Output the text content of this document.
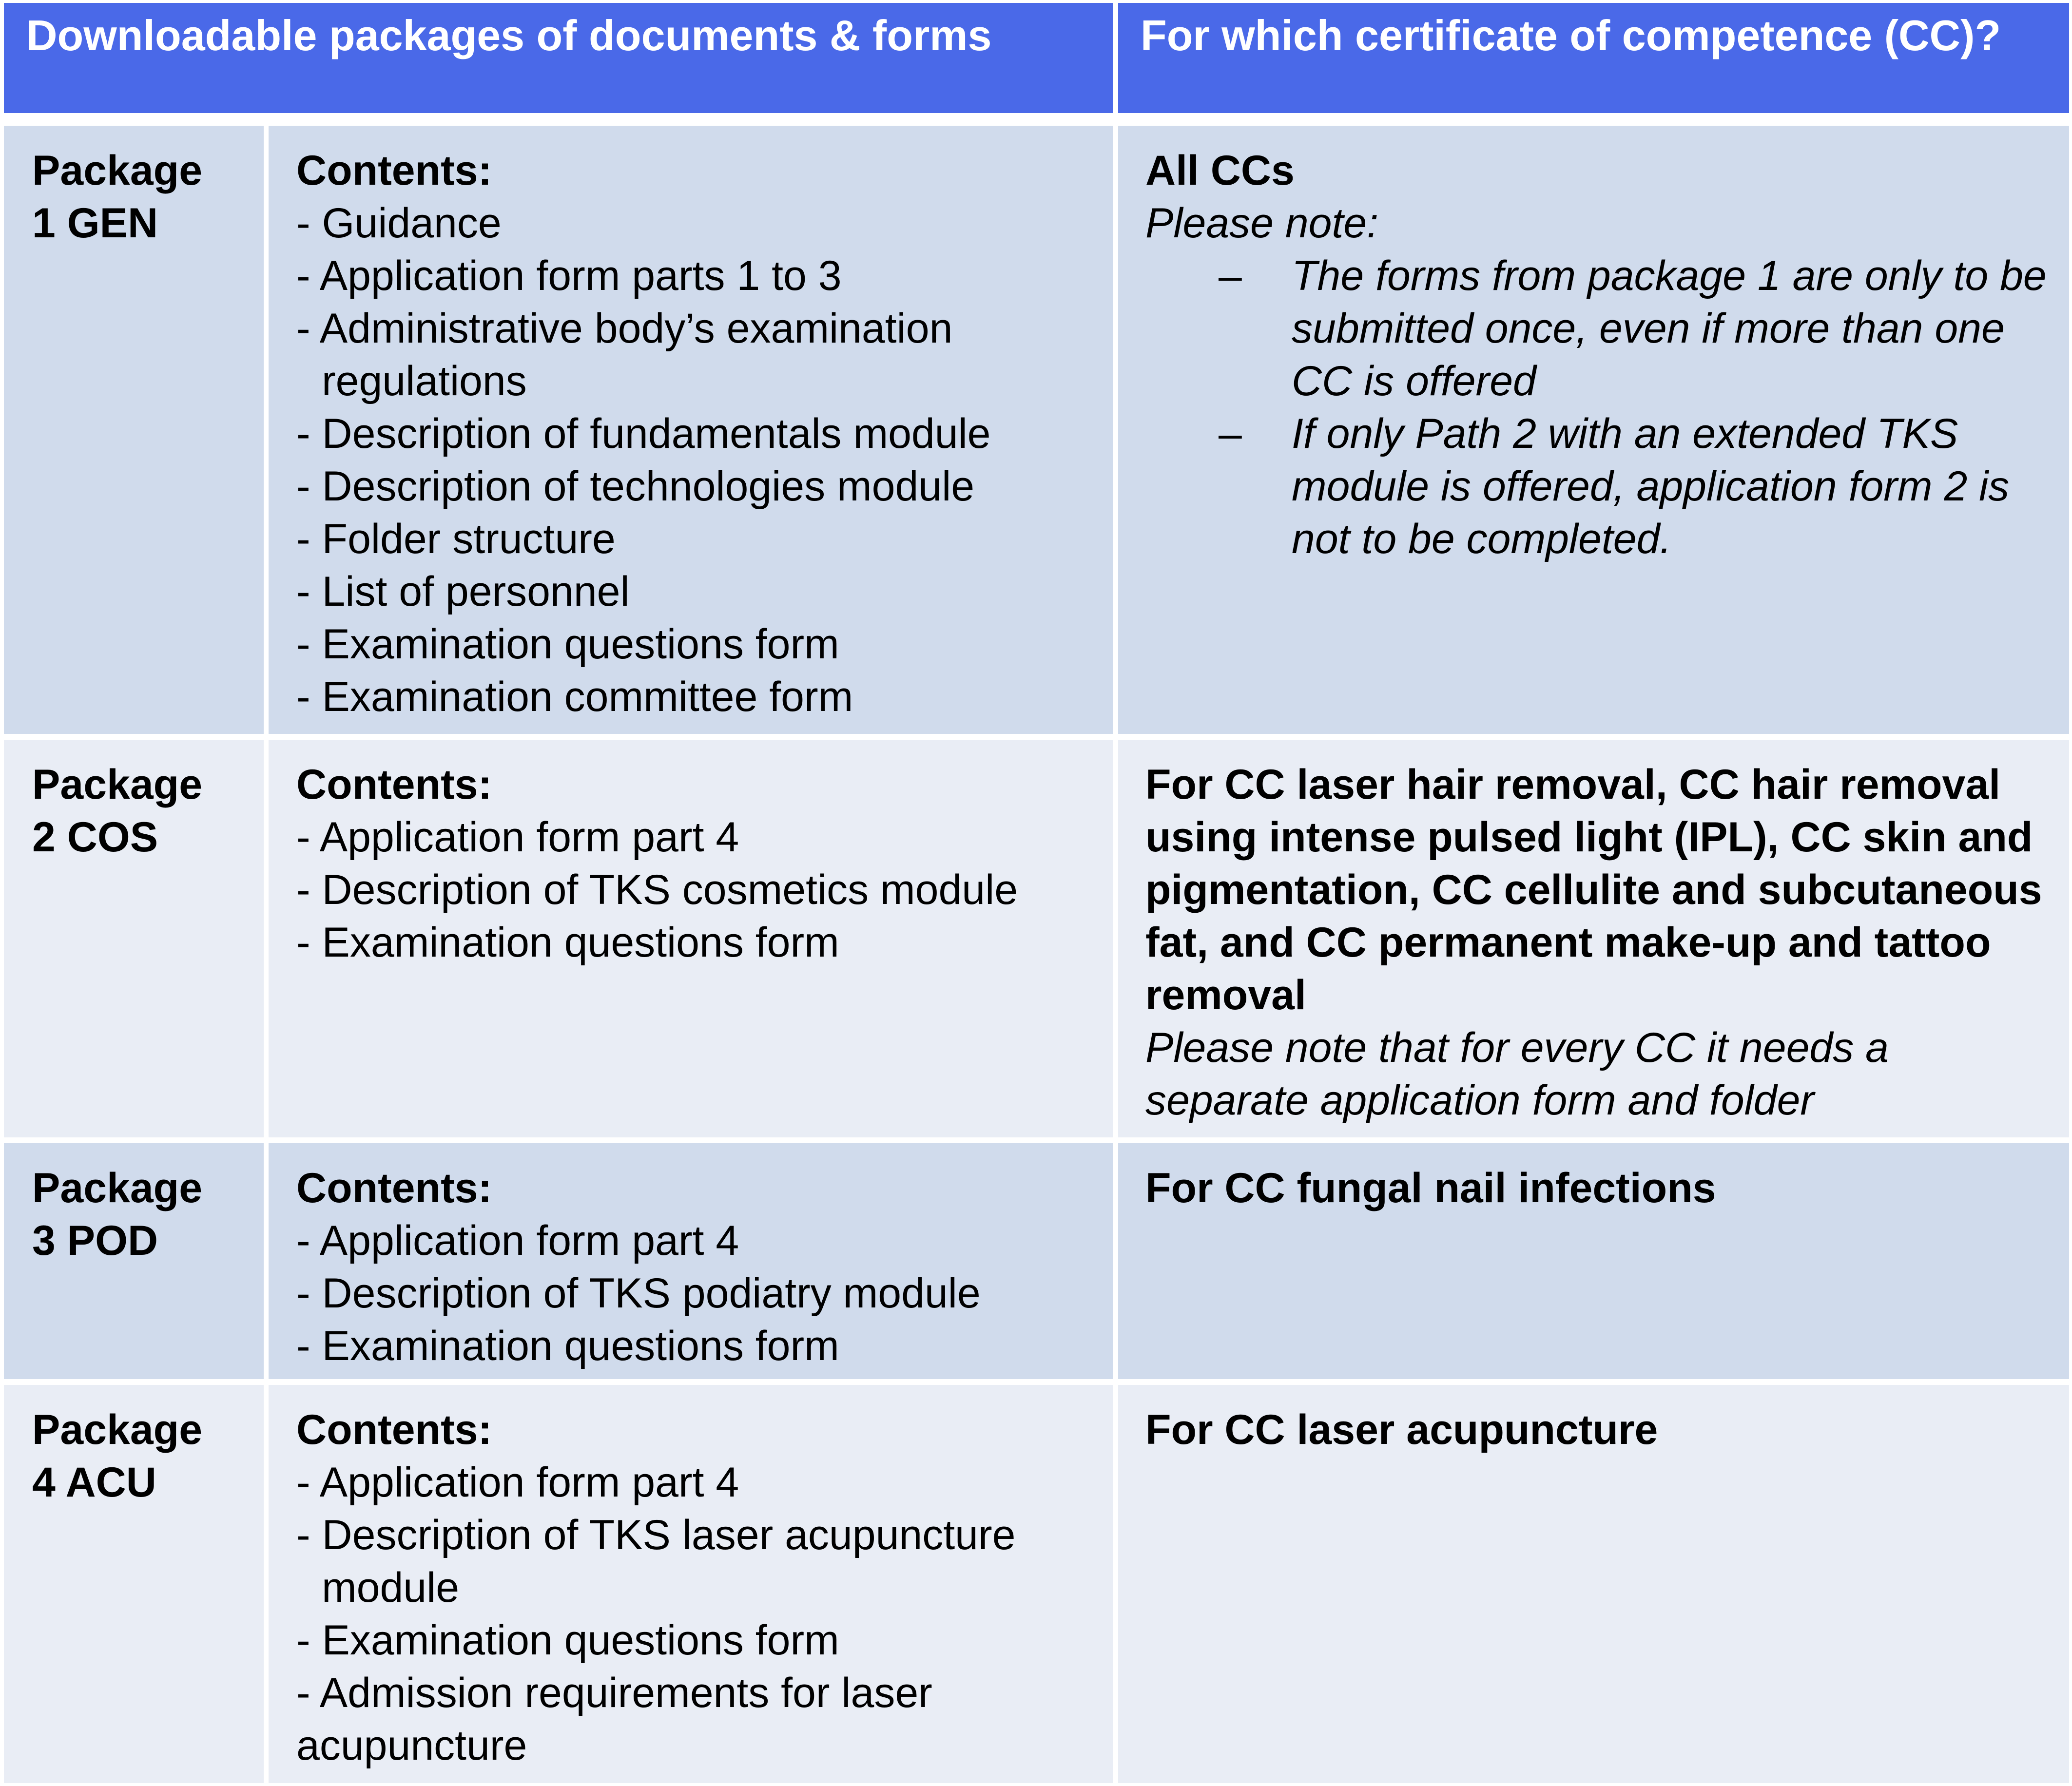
Downloadable packages of documents & forms	For which certificate of competence (CC)?
Package
1 GEN
Contents:
- Guidance
- Application form parts 1 to 3
- Administrative body’s examination regulations
- Description of fundamentals module
- Description of technologies module
- Folder structure
- List of personnel
- Examination questions form
- Examination committee form
All CCs
Please note:
– The forms from package 1 are only to be submitted once, even if more than one CC is offered
– If only Path 2 with an extended TKS module is offered, application form 2 is not to be completed.
Package
2 COS
Contents:
- Application form part 4
- Description of TKS cosmetics module
- Examination questions form
For CC laser hair removal, CC hair removal using intense pulsed light (IPL), CC skin and pigmentation, CC cellulite and subcutaneous fat, and CC permanent make-up and tattoo removal
Please note that for every CC it needs a separate application form and folder
Package
3 POD
Contents:
- Application form part 4
- Description of TKS podiatry module
- Examination questions form
For CC fungal nail infections
Package
4 ACU
Contents:
- Application form part 4
- Description of TKS laser acupuncture module
- Examination questions form
- Admission requirements for laser acupuncture
For CC laser acupuncture
